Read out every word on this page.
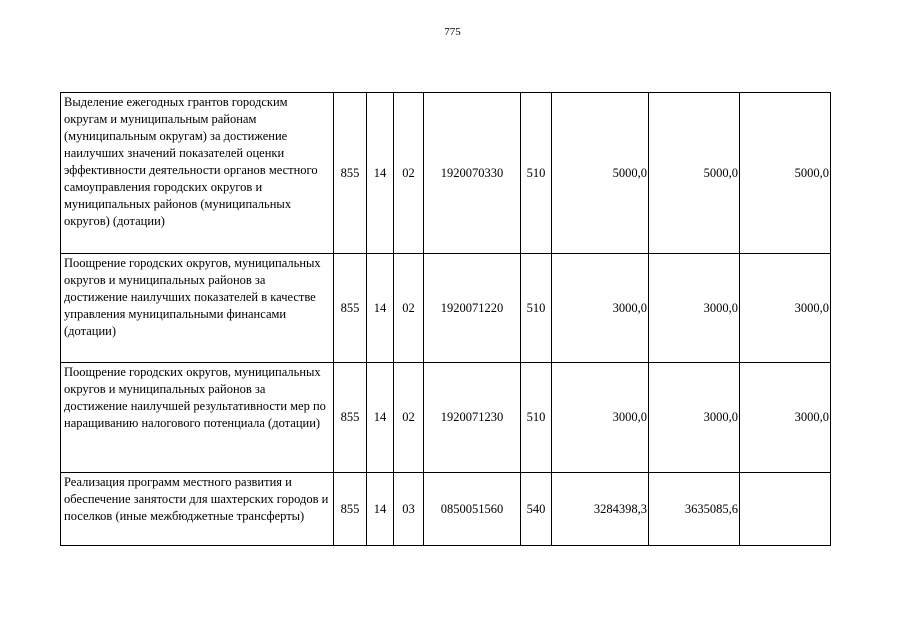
775
Выделение ежегодных грантов городским округам и муниципальным районам (муниципальным округам) за достижение наилучших значений показателей оценки эффективности деятельности органов местного самоуправления городских округов и муниципальных районов (муниципальных округов) (дотации)	855	14	02	1920070330	510	5000,0	5000,0	5000,0
Поощрение городских округов, муниципальных округов и муниципальных районов за достижение наилучших показателей в качестве управления муниципальными финансами (дотации)	855	14	02	1920071220	510	3000,0	3000,0	3000,0
Поощрение городских округов, муниципальных округов и муниципальных районов за достижение наилучшей результативности мер по наращиванию налогового потенциала (дотации)	855	14	02	1920071230	510	3000,0	3000,0	3000,0
Реализация программ местного развития и обеспечение занятости для шахтерских городов и поселков (иные межбюджетные трансферты)	855	14	03	0850051560	540	3284398,3	3635085,6	
